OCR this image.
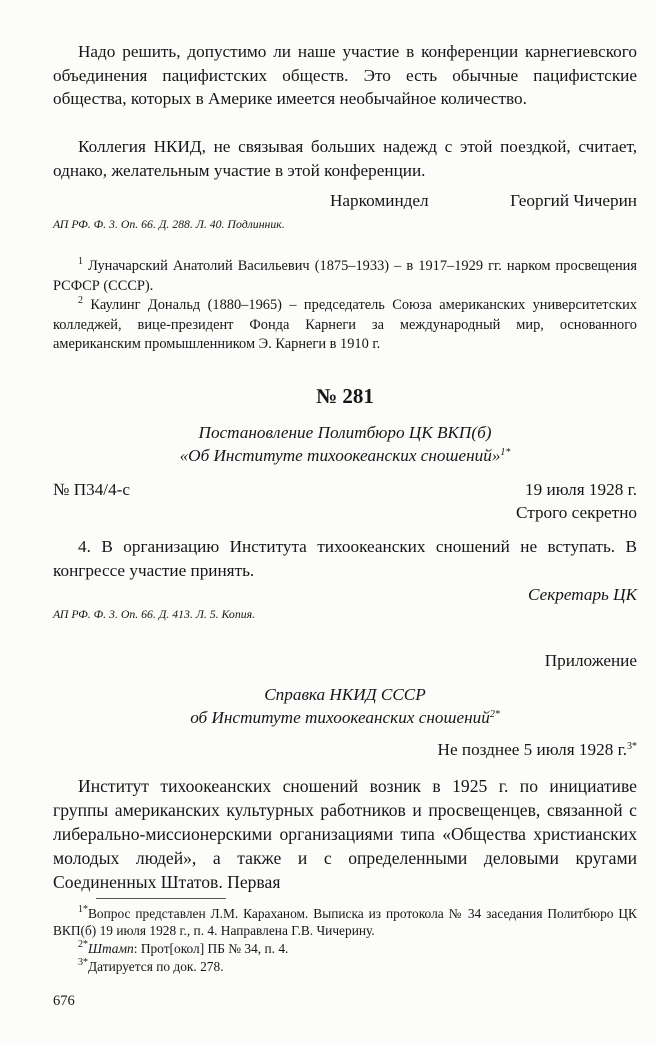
Надо решить, допустимо ли наше участие в конференции карнегиевского объединения пацифистских обществ. Это есть обычные пацифистские общества, которых в Америке имеется необычайное количество.

Коллегия НКИД, не связывая больших надежд с этой поездкой, считает, однако, желательным участие в этой конференции.

Наркоминдел	Георгий Чичерин
АП РФ. Ф. 3. Оп. 66. Д. 288. Л. 40. Подлинник.

$^1$ Луначарский Анатолий Васильевич (1875–1933) – в 1917–1929 гг. нарком просвещения РСФСР (СССР).

$^2$ Каулинг Дональд (1880–1965) – председатель Союза американских университетских колледжей, вице-президент Фонда Карнеги за международный мир, основанного американским промышленником Э. Карнеги в 1910 г.

№ 281
Постановление Политбюро ЦК ВКП(б)
«Об Институте тихоокеанских сношений»$^{1*}$
№ П34/4-с	19 июля 1928 г.
Строго секретно

4. В организацию Института тихоокеанских сношений не вступать. В конгрессе участие принять.

Секретарь ЦК
АП РФ. Ф. 3. Оп. 66. Д. 413. Л. 5. Копия.
Приложение
Справка НКИД СССР
об Институте тихоокеанских сношений$^{2*}$
Не позднее 5 июля 1928 г.$^{3*}$

Институт тихоокеанских сношений возник в 1925 г. по инициативе группы американских культурных работников и просвещенцев, связанной с либерально-миссионерскими организациями типа «Общества христианских молодых людей», а также и с определенными деловыми кругами Соединенных Штатов. Первая

$^{1*}$Вопрос представлен Л.М. Караханом. Выписка из протокола № 34 заседания Политбюро ЦК ВКП(б) 19 июля 1928 г., п. 4. Направлена Г.В. Чичерину.

$^{2*}$Штамп: Прот[окол] ПБ № 34, п. 4.

$^{3*}$Датируется по док. 278.

676
